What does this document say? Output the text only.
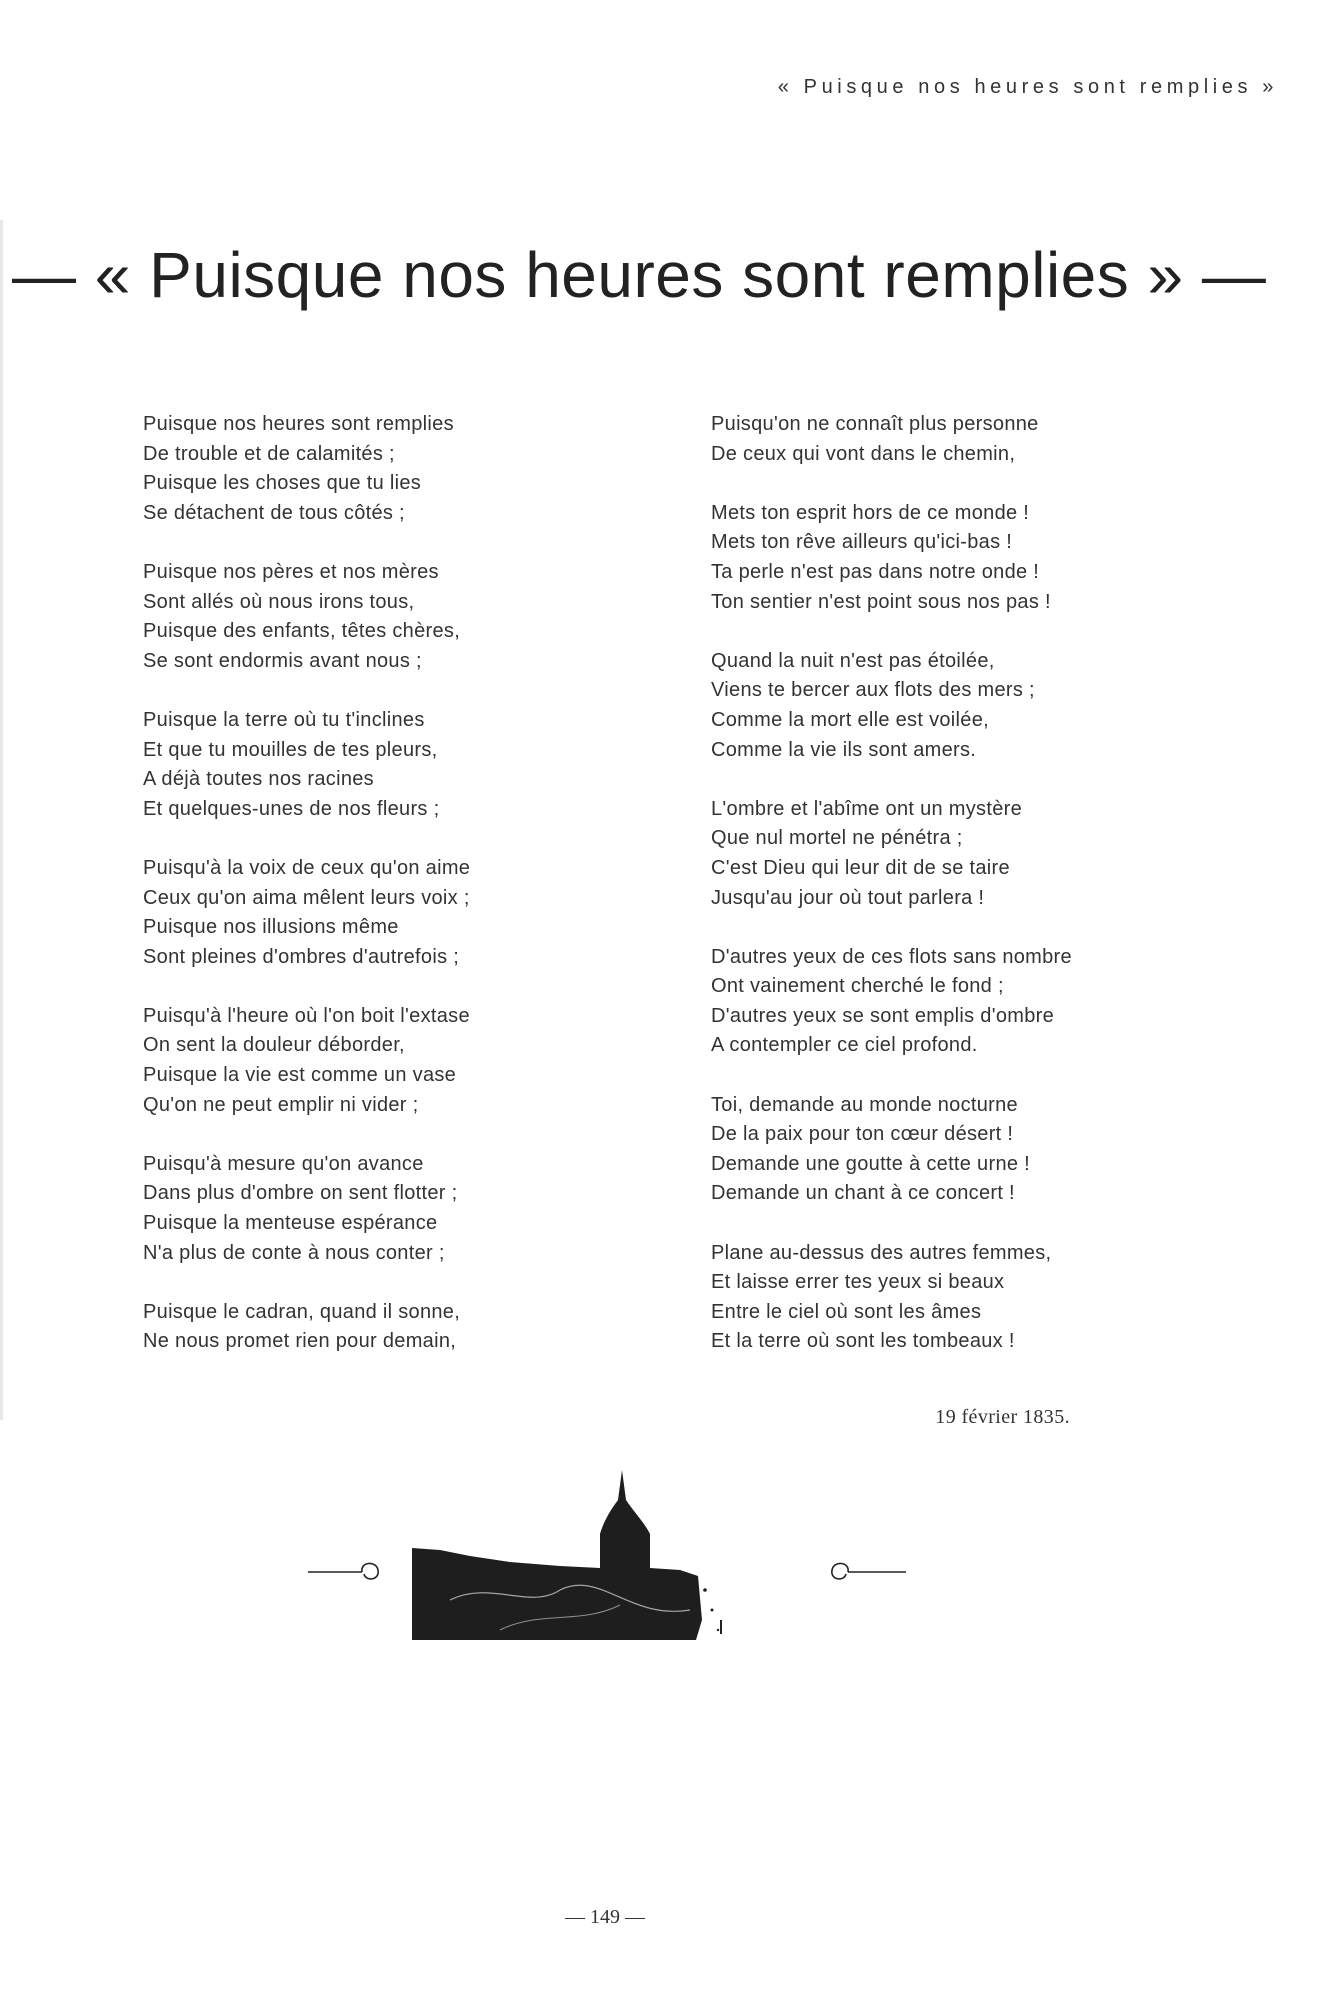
« Puisque nos heures sont remplies »
— « Puisque nos heures sont remplies » —
Puisque nos heures sont remplies
De trouble et de calamités ;
Puisque les choses que tu lies
Se détachent de tous côtés ;
Puisque nos pères et nos mères
Sont allés où nous irons tous,
Puisque des enfants, têtes chères,
Se sont endormis avant nous ;
Puisque la terre où tu t'inclines
Et que tu mouilles de tes pleurs,
A déjà toutes nos racines
Et quelques-unes de nos fleurs ;
Puisqu'à la voix de ceux qu'on aime
Ceux qu'on aima mêlent leurs voix ;
Puisque nos illusions même
Sont pleines d'ombres d'autrefois ;
Puisqu'à l'heure où l'on boit l'extase
On sent la douleur déborder,
Puisque la vie est comme un vase
Qu'on ne peut emplir ni vider ;
Puisqu'à mesure qu'on avance
Dans plus d'ombre on sent flotter ;
Puisque la menteuse espérance
N'a plus de conte à nous conter ;
Puisque le cadran, quand il sonne,
Ne nous promet rien pour demain,
Puisqu'on ne connaît plus personne
De ceux qui vont dans le chemin,
Mets ton esprit hors de ce monde !
Mets ton rêve ailleurs qu'ici-bas !
Ta perle n'est pas dans notre onde !
Ton sentier n'est point sous nos pas !
Quand la nuit n'est pas étoilée,
Viens te bercer aux flots des mers ;
Comme la mort elle est voilée,
Comme la vie ils sont amers.
L'ombre et l'abîme ont un mystère
Que nul mortel ne pénétra ;
C'est Dieu qui leur dit de se taire
Jusqu'au jour où tout parlera !
D'autres yeux de ces flots sans nombre
Ont vainement cherché le fond ;
D'autres yeux se sont emplis d'ombre
A contempler ce ciel profond.
Toi, demande au monde nocturne
De la paix pour ton cœur désert !
Demande une goutte à cette urne !
Demande un chant à ce concert !
Plane au-dessus des autres femmes,
Et laisse errer tes yeux si beaux
Entre le ciel où sont les âmes
Et la terre où sont les tombeaux !
19 février 1835.
— 149 —
